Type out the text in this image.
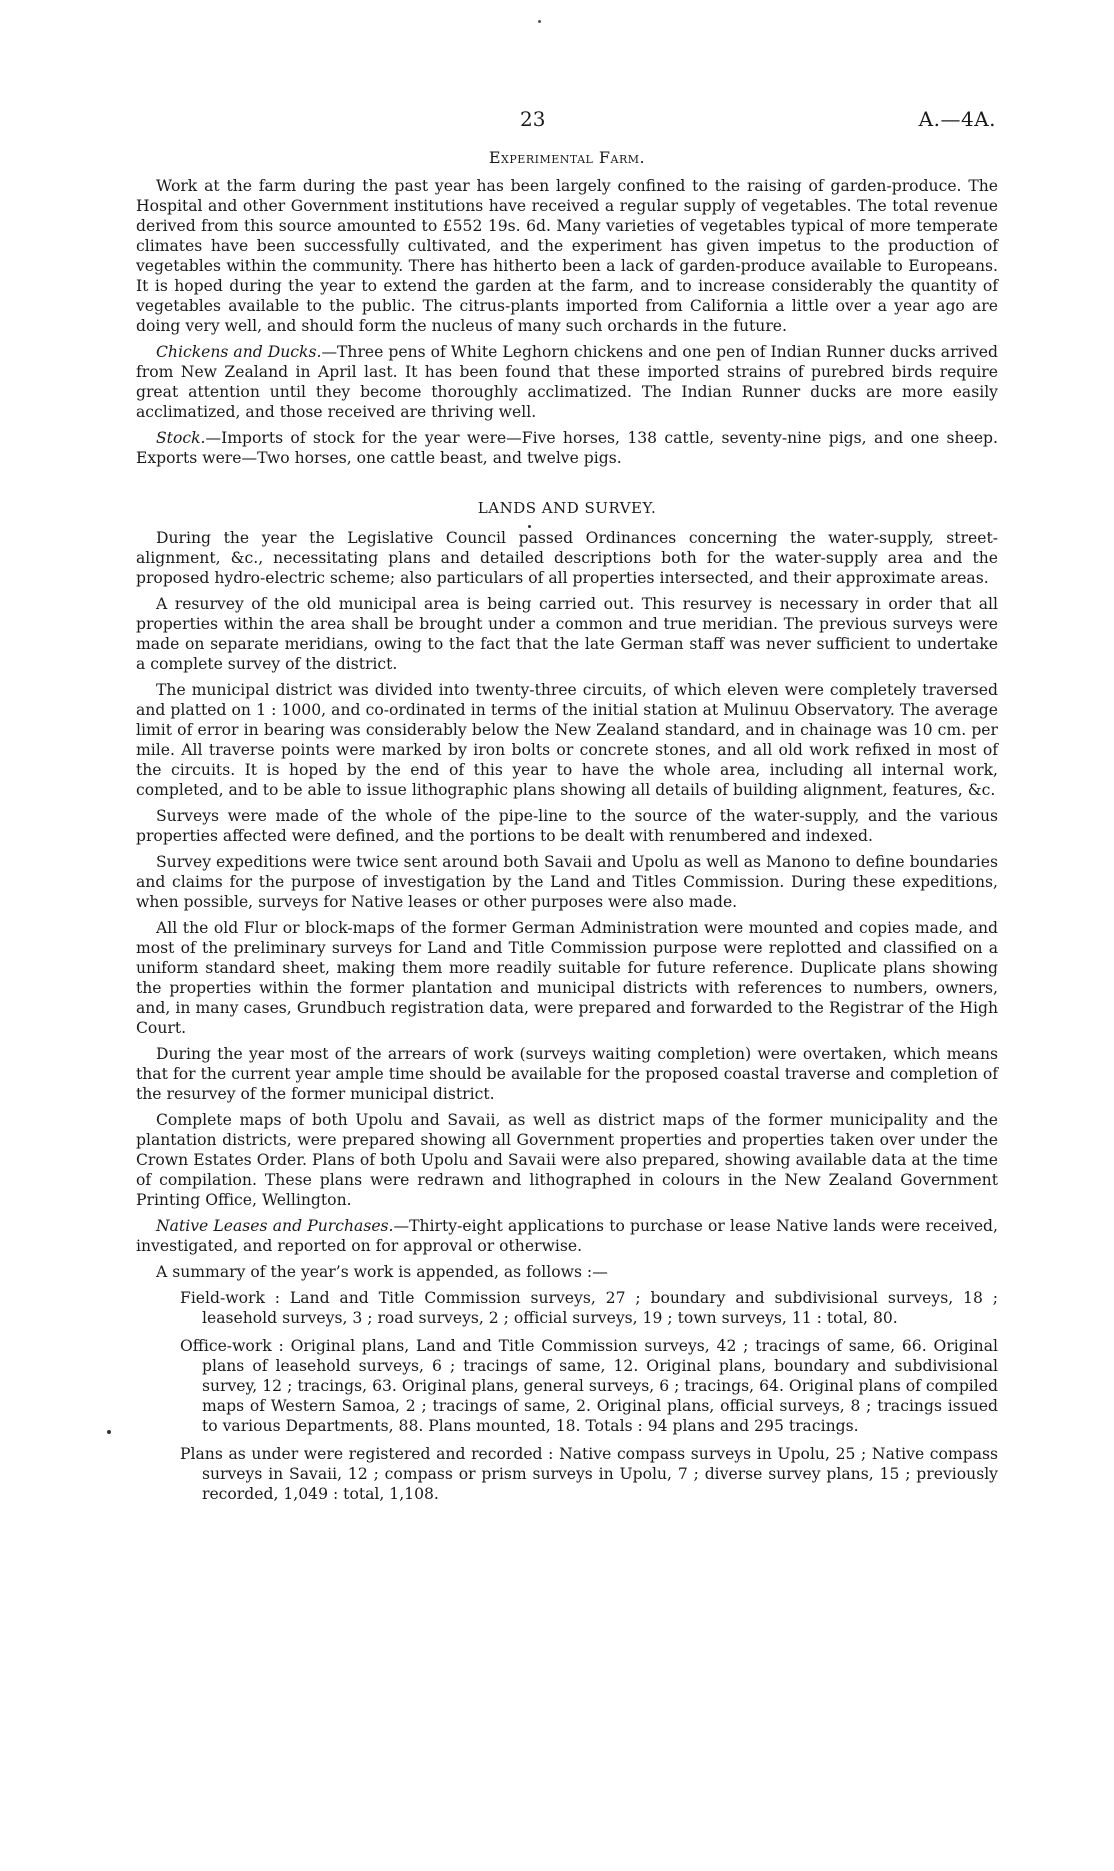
23	A.—4A.
Experimental Farm.

Work at the farm during the past year has been largely confined to the raising of garden-produce. The Hospital and other Government institutions have received a regular supply of vegetables. The total revenue derived from this source amounted to £552 19s. 6d. Many varieties of vegetables typical of more temperate climates have been successfully cultivated, and the experiment has given impetus to the production of vegetables within the community. There has hitherto been a lack of garden-produce available to Europeans. It is hoped during the year to extend the garden at the farm, and to increase considerably the quantity of vegetables available to the public. The citrus-plants imported from California a little over a year ago are doing very well, and should form the nucleus of many such orchards in the future.

Chickens and Ducks.—Three pens of White Leghorn chickens and one pen of Indian Runner ducks arrived from New Zealand in April last. It has been found that these imported strains of purebred birds require great attention until they become thoroughly acclimatized. The Indian Runner ducks are more easily acclimatized, and those received are thriving well.

Stock.—Imports of stock for the year were—Five horses, 138 cattle, seventy-nine pigs, and one sheep. Exports were—Two horses, one cattle beast, and twelve pigs.

LANDS AND SURVEY.

During the year the Legislative Council passed Ordinances concerning the water-supply, street-alignment, &c., necessitating plans and detailed descriptions both for the water-supply area and the proposed hydro-electric scheme; also particulars of all properties intersected, and their approximate areas.

A resurvey of the old municipal area is being carried out. This resurvey is necessary in order that all properties within the area shall be brought under a common and true meridian. The previous surveys were made on separate meridians, owing to the fact that the late German staff was never sufficient to undertake a complete survey of the district.

The municipal district was divided into twenty-three circuits, of which eleven were completely traversed and platted on 1 : 1000, and co-ordinated in terms of the initial station at Mulinuu Observatory. The average limit of error in bearing was considerably below the New Zealand standard, and in chainage was 10 cm. per mile. All traverse points were marked by iron bolts or concrete stones, and all old work refixed in most of the circuits. It is hoped by the end of this year to have the whole area, including all internal work, completed, and to be able to issue lithographic plans showing all details of building alignment, features, &c.

Surveys were made of the whole of the pipe-line to the source of the water-supply, and the various properties affected were defined, and the portions to be dealt with renumbered and indexed.

Survey expeditions were twice sent around both Savaii and Upolu as well as Manono to define boundaries and claims for the purpose of investigation by the Land and Titles Commission. During these expeditions, when possible, surveys for Native leases or other purposes were also made.

All the old Flur or block-maps of the former German Administration were mounted and copies made, and most of the preliminary surveys for Land and Title Commission purpose were replotted and classified on a uniform standard sheet, making them more readily suitable for future reference. Duplicate plans showing the properties within the former plantation and municipal districts with references to numbers, owners, and, in many cases, Grundbuch registration data, were prepared and forwarded to the Registrar of the High Court.

During the year most of the arrears of work (surveys waiting completion) were overtaken, which means that for the current year ample time should be available for the proposed coastal traverse and completion of the resurvey of the former municipal district.

Complete maps of both Upolu and Savaii, as well as district maps of the former municipality and the plantation districts, were prepared showing all Government properties and properties taken over under the Crown Estates Order. Plans of both Upolu and Savaii were also prepared, showing available data at the time of compilation. These plans were redrawn and lithographed in colours in the New Zealand Government Printing Office, Wellington.

Native Leases and Purchases.—Thirty-eight applications to purchase or lease Native lands were received, investigated, and reported on for approval or otherwise.

A summary of the year’s work is appended, as follows :—

Field-work : Land and Title Commission surveys, 27 ; boundary and subdivisional surveys, 18 ; leasehold surveys, 3 ; road surveys, 2 ; official surveys, 19 ; town surveys, 11 : total, 80.

Office-work : Original plans, Land and Title Commission surveys, 42 ; tracings of same, 66. Original plans of leasehold surveys, 6 ; tracings of same, 12. Original plans, boundary and subdivisional survey, 12 ; tracings, 63. Original plans, general surveys, 6 ; tracings, 64. Original plans of compiled maps of Western Samoa, 2 ; tracings of same, 2. Original plans, official surveys, 8 ; tracings issued to various Departments, 88. Plans mounted, 18. Totals : 94 plans and 295 tracings.

Plans as under were registered and recorded : Native compass surveys in Upolu, 25 ; Native compass surveys in Savaii, 12 ; compass or prism surveys in Upolu, 7 ; diverse survey plans, 15 ; previously recorded, 1,049 : total, 1,108.
